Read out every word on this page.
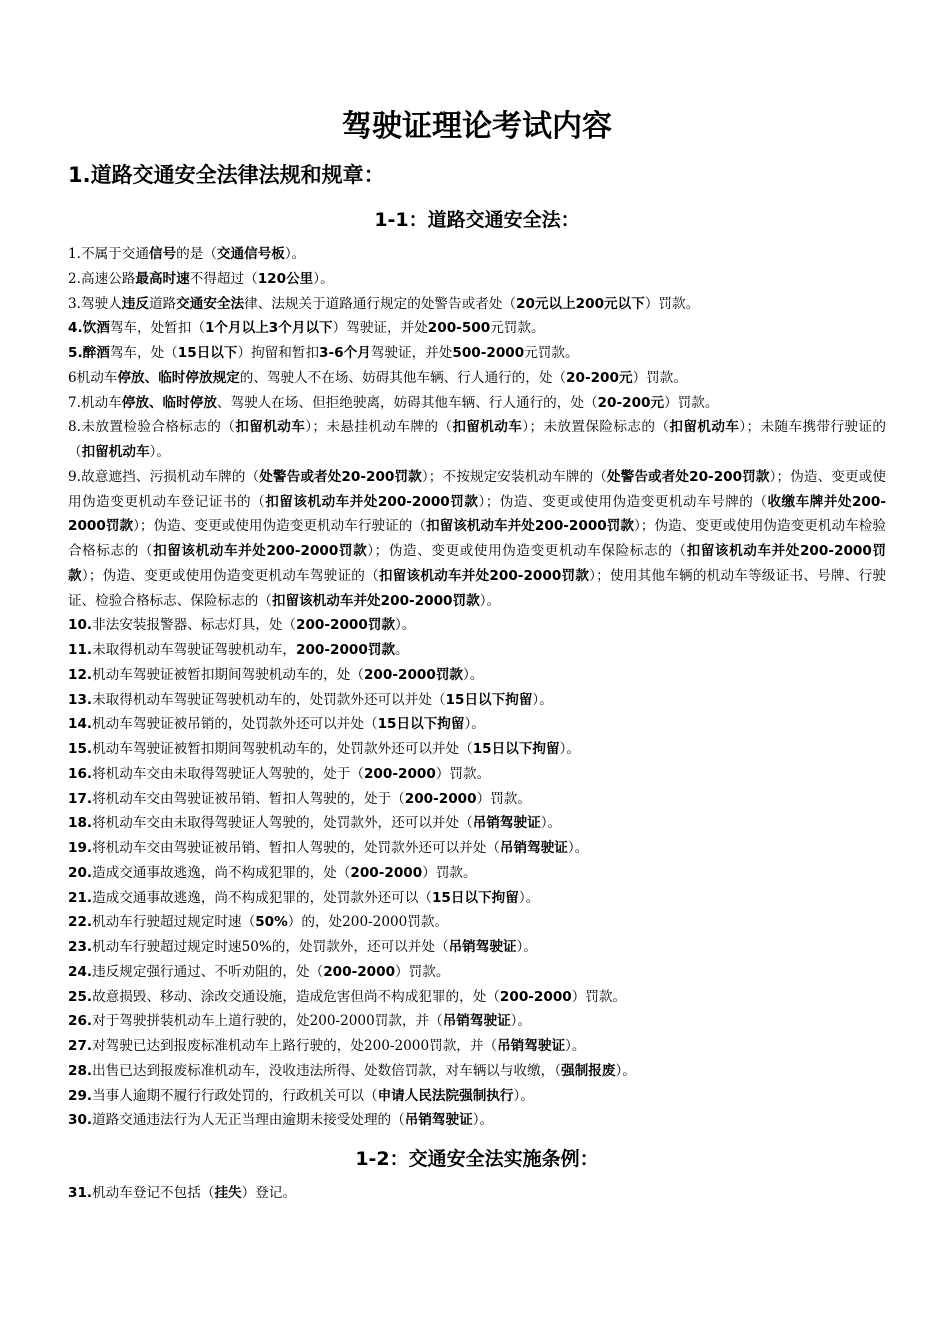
驾驶证理论考试内容
1.道路交通安全法律法规和规章：
1-1：道路交通安全法：
1.不属于交通信号的是（交通信号板）。
2.高速公路最高时速不得超过（120公里）。
3.驾驶人违反道路交通安全法律、法规关于道路通行规定的处警告或者处（20元以上200元以下）罚款。
4.饮酒驾车，处暂扣（1个月以上3个月以下）驾驶证，并处200-500元罚款。
5.醉酒驾车，处（15日以下）拘留和暂扣3-6个月驾驶证，并处500-2000元罚款。
6机动车停放、临时停放规定的、驾驶人不在场、妨碍其他车辆、行人通行的，处（20-200元）罚款。
7.机动车停放、临时停放、驾驶人在场、但拒绝驶离，妨碍其他车辆、行人通行的，处（20-200元）罚款。
8.未放置检验合格标志的（扣留机动车）；未悬挂机动车牌的（扣留机动车）；未放置保险标志的（扣留机动车）；未随车携带行驶证的（扣留机动车）。
9.故意遮挡、污损机动车牌的（处警告或者处20-200罚款）；不按规定安装机动车牌的（处警告或者处20-200罚款）；伪造、变更或使用伪造变更机动车登记证书的（扣留该机动车并处200-2000罚款）；伪造、变更或使用伪造变更机动车号牌的（收缴车牌并处200-2000罚款）；伪造、变更或使用伪造变更机动车行驶证的（扣留该机动车并处200-2000罚款）；伪造、变更或使用伪造变更机动车检验合格标志的（扣留该机动车并处200-2000罚款）；伪造、变更或使用伪造变更机动车保险标志的（扣留该机动车并处200-2000罚款）；伪造、变更或使用伪造变更机动车驾驶证的（扣留该机动车并处200-2000罚款）；使用其他车辆的机动车等级证书、号牌、行驶证、检验合格标志、保险标志的（扣留该机动车并处200-2000罚款）。
10.非法安装报警器、标志灯具，处（200-2000罚款）。
11.未取得机动车驾驶证驾驶机动车，200-2000罚款。
12.机动车驾驶证被暂扣期间驾驶机动车的，处（200-2000罚款）。
13.未取得机动车驾驶证驾驶机动车的，处罚款外还可以并处（15日以下拘留）。
14.机动车驾驶证被吊销的，处罚款外还可以并处（15日以下拘留）。
15.机动车驾驶证被暂扣期间驾驶机动车的，处罚款外还可以并处（15日以下拘留）。
16.将机动车交由未取得驾驶证人驾驶的，处于（200-2000）罚款。
17.将机动车交由驾驶证被吊销、暂扣人驾驶的，处于（200-2000）罚款。
18.将机动车交由未取得驾驶证人驾驶的，处罚款外，还可以并处（吊销驾驶证）。
19.将机动车交由驾驶证被吊销、暂扣人驾驶的，处罚款外还可以并处（吊销驾驶证）。
20.造成交通事故逃逸，尚不构成犯罪的，处（200-2000）罚款。
21.造成交通事故逃逸，尚不构成犯罪的，处罚款外还可以（15日以下拘留）。
22.机动车行驶超过规定时速（50%）的，处200-2000罚款。
23.机动车行驶超过规定时速50%的，处罚款外，还可以并处（吊销驾驶证）。
24.违反规定强行通过、不听劝阻的，处（200-2000）罚款。
25.故意损毁、移动、涂改交通设施，造成危害但尚不构成犯罪的，处（200-2000）罚款。
26.对于驾驶拼装机动车上道行驶的，处200-2000罚款，并（吊销驾驶证）。
27.对驾驶已达到报废标准机动车上路行驶的，处200-2000罚款，并（吊销驾驶证）。
28.出售已达到报废标准机动车，没收违法所得、处数倍罚款，对车辆以与收缴，（强制报废）。
29.当事人逾期不履行行政处罚的，行政机关可以（申请人民法院强制执行）。
30.道路交通违法行为人无正当理由逾期未接受处理的（吊销驾驶证）。
1-2：交通安全法实施条例：
31.机动车登记不包括（挂失）登记。
